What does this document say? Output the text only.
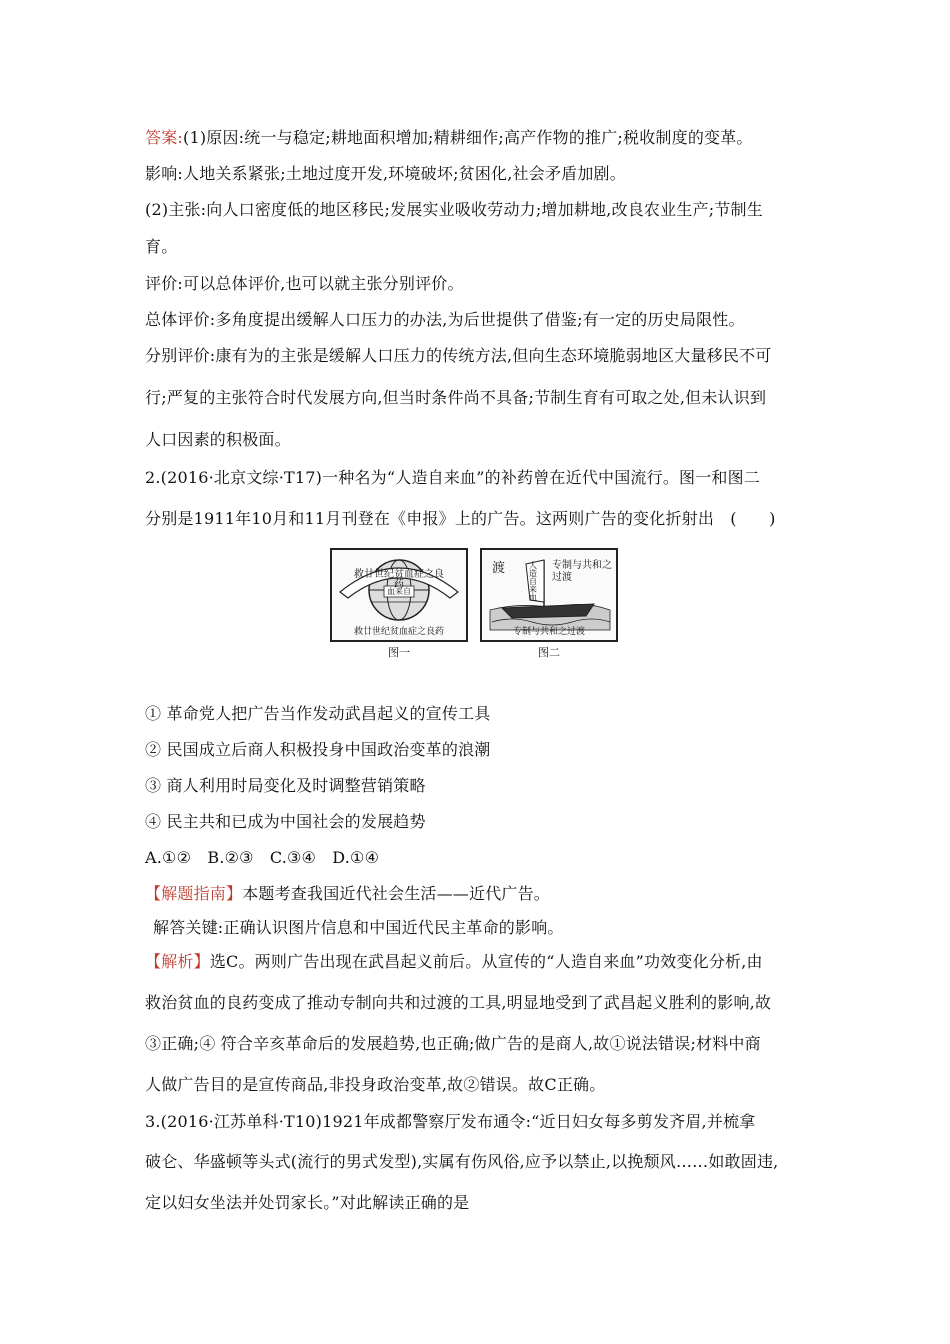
答案:(1)原因:统一与稳定;耕地面积增加;精耕细作;高产作物的推广;税收制度的变革。
影响:人地关系紧张;土地过度开发,环境破坏;贫困化,社会矛盾加剧。
(2)主张:向人口密度低的地区移民;发展实业吸收劳动力;增加耕地,改良农业生产;节制生
育。
评价:可以总体评价,也可以就主张分别评价。
总体评价:多角度提出缓解人口压力的办法,为后世提供了借鉴;有一定的历史局限性。
分别评价:康有为的主张是缓解人口压力的传统方法,但向生态环境脆弱地区大量移民不可
行;严复的主张符合时代发展方向,但当时条件尚不具备;节制生育有可取之处,但未认识到
人口因素的积极面。
2.(2016·北京文综·T17)一种名为“人造自来血”的补药曾在近代中国流行。图一和图二
分别是1911年10月和11月刊登在《申报》上的广告。这两则广告的变化折射出　(　　)
救廿世纪贫血症之良药
血来自
救廿世纪贫血症之良药
图一
渡	人造自来血
专制与共和之过渡
专制与共和之过渡
图二
① 革命党人把广告当作发动武昌起义的宣传工具
② 民国成立后商人积极投身中国政治变革的浪潮
③ 商人利用时局变化及时调整营销策略
④ 民主共和已成为中国社会的发展趋势
A.①②　B.②③　C.③④　D.①④
【解题指南】本题考查我国近代社会生活——近代广告。
解答关键:正确认识图片信息和中国近代民主革命的影响。
【解析】选C。两则广告出现在武昌起义前后。从宣传的“人造自来血”功效变化分析,由
救治贫血的良药变成了推动专制向共和过渡的工具,明显地受到了武昌起义胜利的影响,故
③正确;④ 符合辛亥革命后的发展趋势,也正确;做广告的是商人,故①说法错误;材料中商
人做广告目的是宣传商品,非投身政治变革,故②错误。故C正确。
3.(2016·江苏单科·T10)1921年成都警察厅发布通令:“近日妇女每多剪发齐眉,并梳拿
破仑、华盛顿等头式(流行的男式发型),实属有伤风俗,应予以禁止,以挽颓风……如敢固违,
定以妇女坐法并处罚家长。”对此解读正确的是
